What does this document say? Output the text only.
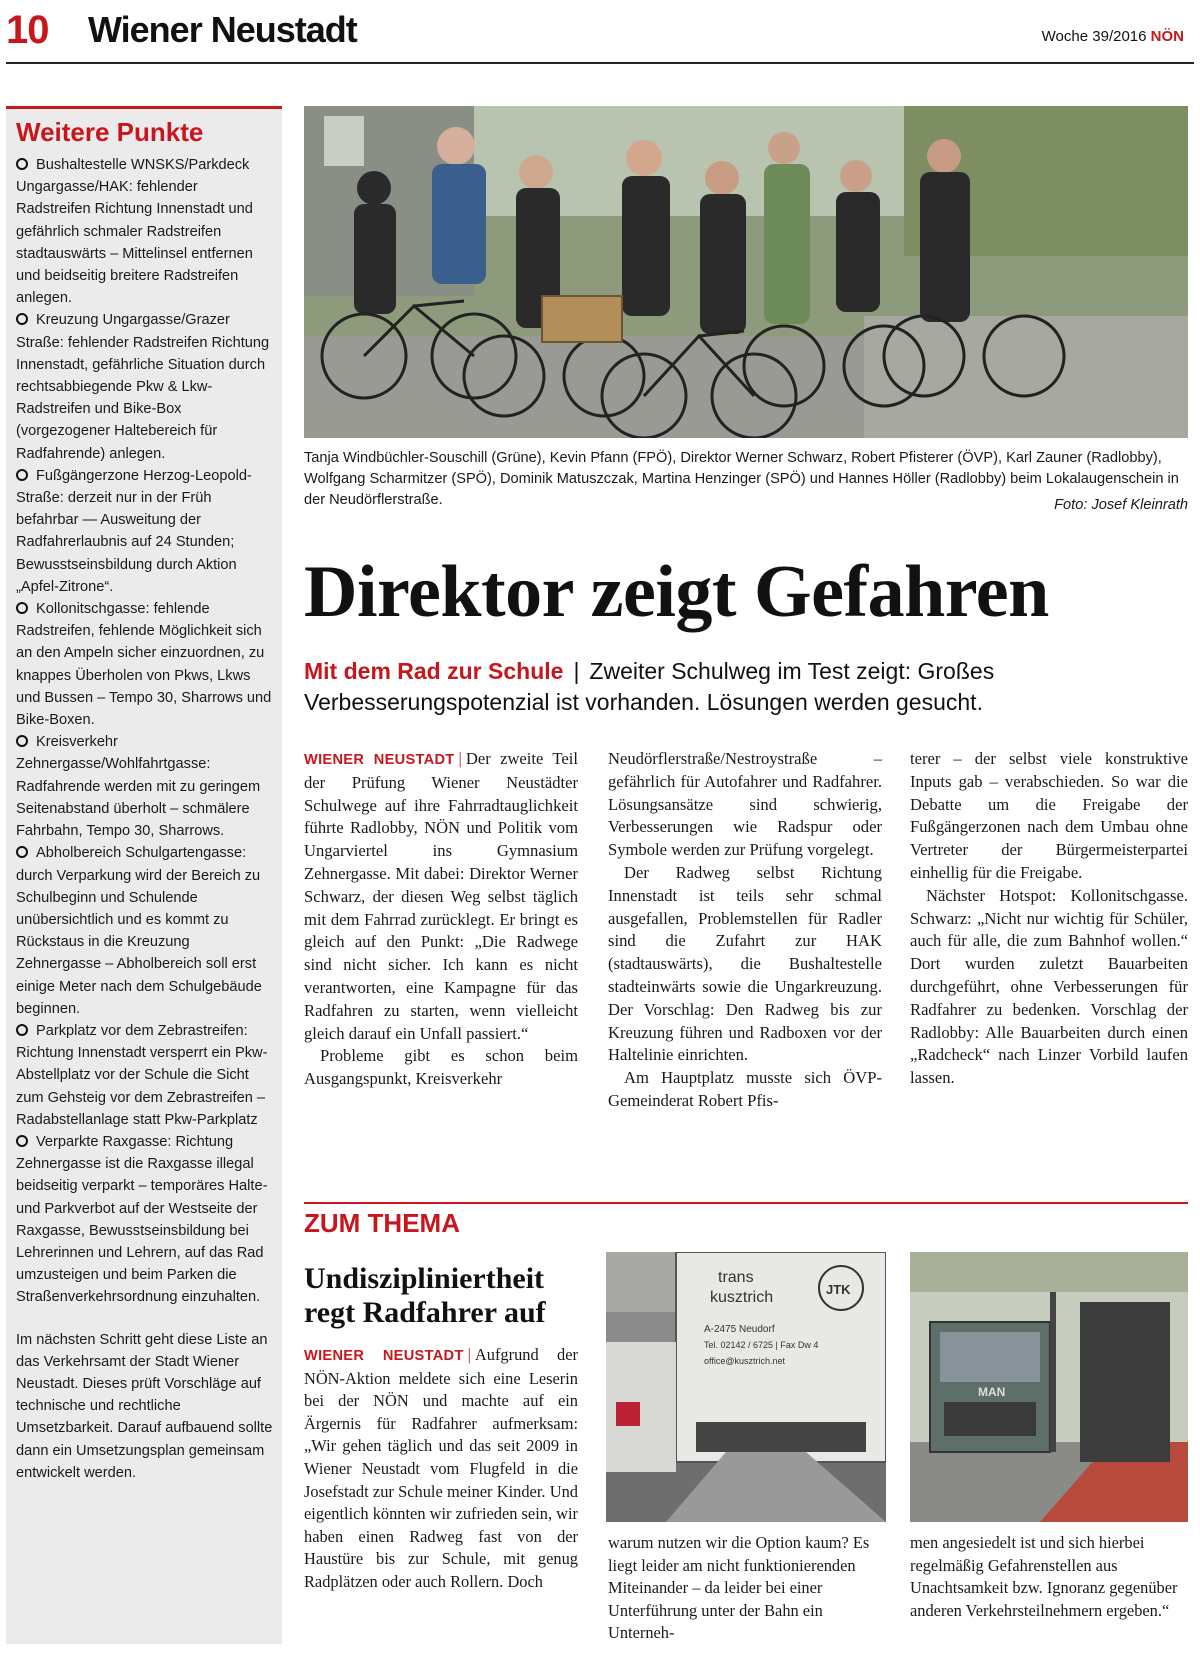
10 Wiener Neustadt	Woche 39/2016 NÖN
Weitere Punkte
Bushaltestelle WNSKS/Parkdeck Ungargasse/HAK: fehlender Radstreifen Richtung Innenstadt und gefährlich schmaler Radstreifen stadtauswärts – Mittelinsel entfernen und beidseitig breitere Radstreifen anlegen.
Kreuzung Ungargasse/Grazer Straße: fehlender Radstreifen Richtung Innenstadt, gefährliche Situation durch rechtsabbiegende Pkw & Lkw-Radstreifen und Bike-Box (vorgezogener Haltebereich für Radfahrende) anlegen.
Fußgängerzone Herzog-Leopold-Straße: derzeit nur in der Früh befahrbar — Ausweitung der Radfahrerlaubnis auf 24 Stunden; Bewusstseinsbildung durch Aktion „Apfel-Zitrone“.
Kollonitschgasse: fehlende Radstreifen, fehlende Möglichkeit sich an den Ampeln sicher einzuordnen, zu knappes Überholen von Pkws, Lkws und Bussen – Tempo 30, Sharrows und Bike-Boxen.
Kreisverkehr Zehnergasse/Wohlfahrtgasse: Radfahrende werden mit zu geringem Seitenabstand überholt – schmälere Fahrbahn, Tempo 30, Sharrows.
Abholbereich Schulgartengasse: durch Verparkung wird der Bereich zu Schulbeginn und Schulende unübersichtlich und es kommt zu Rückstaus in die Kreuzung Zehnergasse – Abholbereich soll erst einige Meter nach dem Schulgebäude beginnen.
Parkplatz vor dem Zebrastreifen: Richtung Innenstadt versperrt ein Pkw-Abstellplatz vor der Schule die Sicht zum Gehsteig vor dem Zebrastreifen – Radabstellanlage statt Pkw-Parkplatz
Verparkte Raxgasse: Richtung Zehnergasse ist die Raxgasse illegal beidseitig verparkt – temporäres Halte- und Parkverbot auf der Westseite der Raxgasse, Bewusstseinsbildung bei Lehrerinnen und Lehrern, auf das Rad umzusteigen und beim Parken die Straßenverkehrsordnung einzuhalten.
Im nächsten Schritt geht diese Liste an das Verkehrsamt der Stadt Wiener Neustadt. Dieses prüft Vorschläge auf technische und rechtliche Umsetzbarkeit. Darauf aufbauend sollte dann ein Umsetzungsplan gemeinsam entwickelt werden.
Tanja Windbüchler-Souschill (Grüne), Kevin Pfann (FPÖ), Direktor Werner Schwarz, Robert Pfisterer (ÖVP), Karl Zauner (Radlobby), Wolfgang Scharmitzer (SPÖ), Dominik Matuszczak, Martina Henzinger (SPÖ) und Hannes Höller (Radlobby) beim Lokalaugenschein in der Neudörflerstraße.	Foto: Josef Kleinrath
Direktor zeigt Gefahren
Mit dem Rad zur Schule | Zweiter Schulweg im Test zeigt: Großes Verbesserungspotenzial ist vorhanden. Lösungen werden gesucht.

WIENER NEUSTADT | Der zweite Teil der Prüfung Wiener Neustädter Schulwege auf ihre Fahrradtauglichkeit führte Radlobby, NÖN und Politik vom Ungarviertel ins Gymnasium Zehnergasse. Mit dabei: Direktor Werner Schwarz, der diesen Weg selbst täglich mit dem Fahrrad zurücklegt. Er bringt es gleich auf den Punkt: „Die Radwege sind nicht sicher. Ich kann es nicht verantworten, eine Kampagne für das Radfahren zu starten, wenn vielleicht gleich darauf ein Unfall passiert.“

Probleme gibt es schon beim Ausgangspunkt, Kreisverkehr

Neudörflerstraße/Nestroystraße – gefährlich für Autofahrer und Radfahrer. Lösungsansätze sind schwierig, Verbesserungen wie Radspur oder Symbole werden zur Prüfung vorgelegt.

Der Radweg selbst Richtung Innenstadt ist teils sehr schmal ausgefallen, Problemstellen für Radler sind die Zufahrt zur HAK (stadtauswärts), die Bushaltestelle stadteinwärts sowie die Ungarkreuzung. Der Vorschlag: Den Radweg bis zur Kreuzung führen und Radboxen vor der Haltelinie einrichten.

Am Hauptplatz musste sich ÖVP-Gemeinderat Robert Pfis-

terer – der selbst viele konstruktive Inputs gab – verabschieden. So war die Debatte um die Freigabe der Fußgängerzonen nach dem Umbau ohne Vertreter der Bürgermeisterpartei einhellig für die Freigabe.

Nächster Hotspot: Kollonitschgasse. Schwarz: „Nicht nur wichtig für Schüler, auch für alle, die zum Bahnhof wollen.“ Dort wurden zuletzt Bauarbeiten durchgeführt, ohne Verbesserungen für Radfahrer zu bedenken. Vorschlag der Radlobby: Alle Bauarbeiten durch einen „Radcheck“ nach Linzer Vorbild laufen lassen.

ZUM THEMA
Undiszipliniertheit regt Radfahrer auf

WIENER NEUSTADT | Aufgrund der NÖN-Aktion meldete sich eine Leserin bei der NÖN und machte auf ein Ärgernis für Radfahrer aufmerksam: „Wir gehen täglich und das seit 2009 in Wiener Neustadt vom Flugfeld in die Josefstadt zur Schule meiner Kinder. Und eigentlich könnten wir zufrieden sein, wir haben einen Radweg fast von der Haustüre bis zur Schule, mit genug Radplätzen oder auch Rollern. Doch

JTK
trans
kusztrich
A-2475 Neudorf
Tel. 02142 / 6725 | Fax Dw 4
office@kusztrich.net
MAN

warum nutzen wir die Option kaum? Es liegt leider am nicht funktionierenden Miteinander – da leider bei einer Unterführung unter der Bahn ein Unterneh-

men angesiedelt ist und sich hierbei regelmäßig Gefahrenstellen aus Unachtsamkeit bzw. Ignoranz gegenüber anderen Verkehrsteilnehmern ergeben.“
